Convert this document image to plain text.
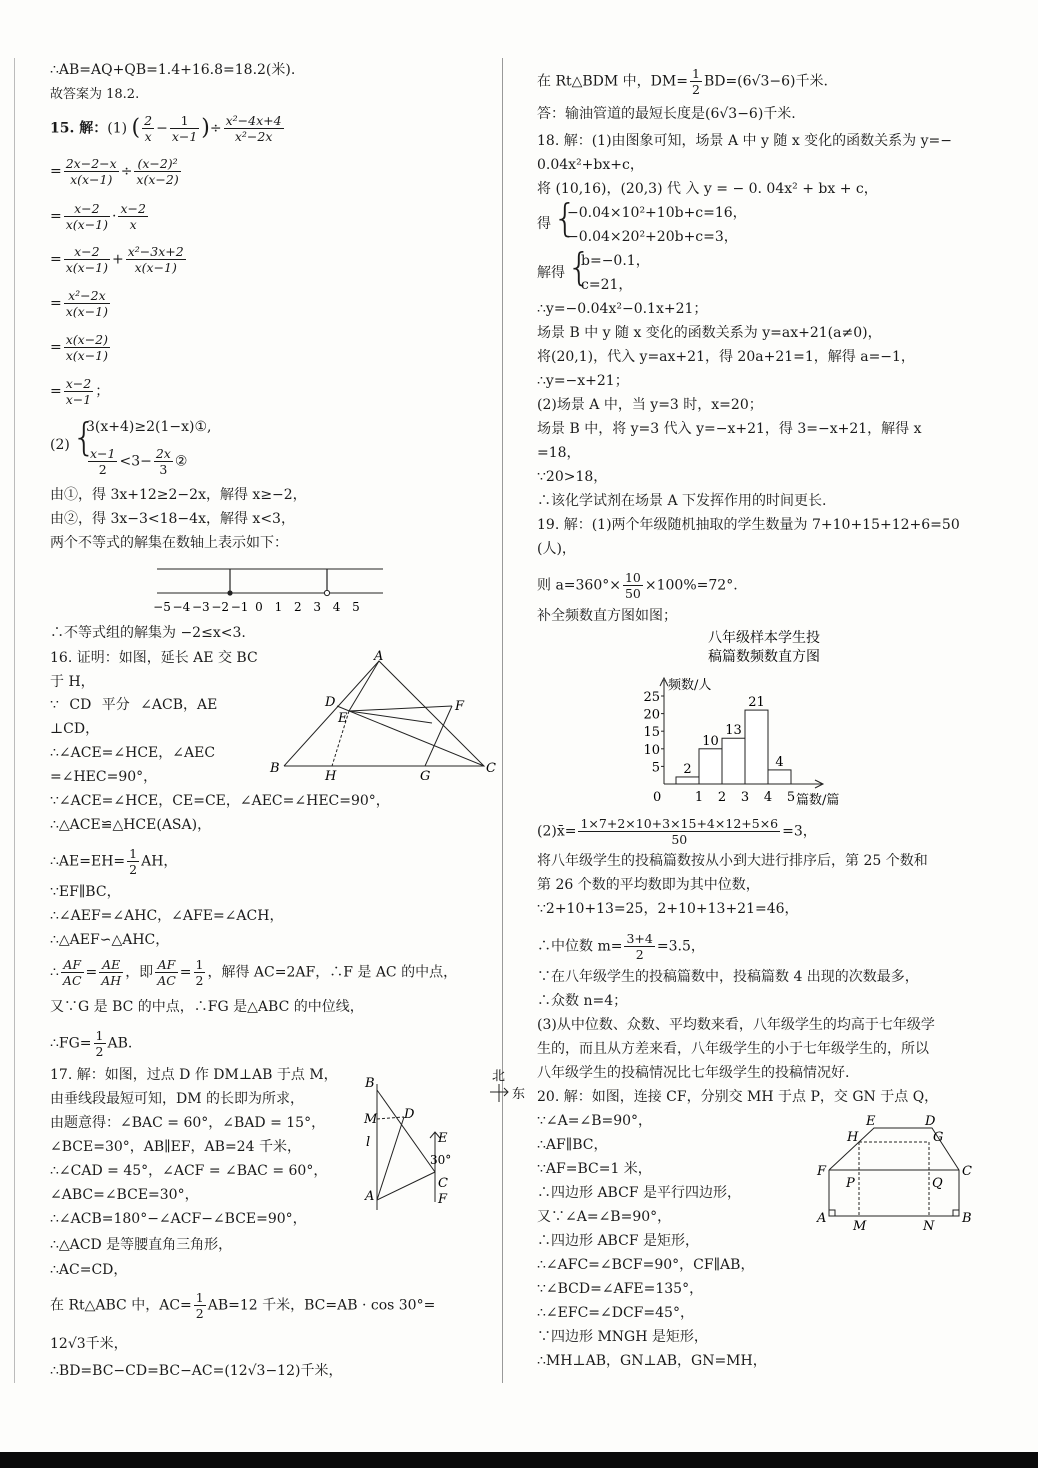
∴AB=AQ+QB=1.4+16.8=18.2(米).
故答案为 18.2.
15. 解：(1) ( $\frac{2}{x} - \frac{1}{x-1}$ )÷ $\frac{\text{x²−4x+4}}{\text{x²−2x}}$
= $\frac{2x-2-x}{x(x-1)} \div \frac{\text{(x−2)²}}{x(x-2)}$
= $\frac{x-2}{x(x-1)} \cdot \frac{x-2}{x}$
= $\frac{x-2}{x(x-1)} + \frac{\text{x²−3x+2}}{x(x-1)}$
= $\frac{\text{x²−2x}}{x(x-1)}$
= $\frac{x(x-2)}{x(x-1)}$
= $\frac{x-2}{x-1}$ ；
(2) {
3(x+4)≥2(1−x)①,
$\frac{x-1}{2} <3- \frac{2x}{3}$ ②
由①，得 3x+12≥2−2x，解得 x≥−2，
由②，得 3x−3<18−4x，解得 x<3，
两个不等式的解集在数轴上表示如下：
−5 −4 −3 −2 −1 0 1 2 3 4 5
∴不等式组的解集为 −2≤x<3.
16. 证明：如图，延长 AE 交 BC
于 H，
∵ CD 平分 ∠ACB，AE
⊥CD，
∴∠ACE=∠HCE，∠AEC
=∠HEC=90°，
∵∠ACE=∠HCE，CE=CE，∠AEC=∠HEC=90°，
∴△ACE≌△HCE(ASA)，
∴AE=EH= $\frac{1}{2}$ AH，
∵EF∥BC，
∴∠AEF=∠AHC，∠AFE=∠ACH，
∴△AEF∽△AHC，
∴ $\frac{AF}{AC} = \frac{AE}{AH}$ ，即 $\frac{AF}{AC} = \frac{1}{2}$ ，解得 AC=2AF，∴F 是 AC 的中点，
又∵G 是 BC 的中点，∴FG 是△ABC 的中位线，
∴FG= $\frac{1}{2}$ AB.
A
B	C
D
E
F
G
H
17. 解：如图，过点 D 作 DM⊥AB 于点 M，
由垂线段最短可知，DM 的长即为所求，
由题意得：∠BAC = 60°，∠BAD = 15°，
∠BCE=30°，AB∥EF，AB=24 千米，
∴∠CAD = 45°，∠ACF = ∠BAC = 60°，
∠ABC=∠BCE=30°，
∴∠ACB=180°−∠ACF−∠BCE=90°，
∴△ACD 是等腰直角三角形，
∴AC=CD，
在 Rt△ABC 中，$AC= \frac{1}{2} AB=12$ 千米，BC=AB · cos 30°=
12√3千米，
∴BD=BC−CD=BC−AC=(12√3−12)千米，
B
M D
l
A
C
E
F
30°
北
东
在 Rt△BDM 中，$DM= \frac{1}{2} BD=(6√3-6)$千米.
答：输油管道的最短长度是(6√3−6)千米.
18. 解：(1)由图象可知，场景 A 中 y 随 x 变化的函数关系为 y=−
0.04x²+bx+c，
将 (10,16)，(20,3) 代 入 y = − 0. 04x² + bx + c，
得 {
−0.04×10²+10b+c=16，
−0.04×20²+20b+c=3，
解得 {
b=−0.1，
c=21，
∴y=−0.04x²−0.1x+21；
场景 B 中 y 随 x 变化的函数关系为 y=ax+21(a≠0)，
将(20,1)，代入 y=ax+21，得 20a+21=1，解得 a=−1，
∴y=−x+21；
(2)场景 A 中，当 y=3 时，x=20；
场景 B 中，将 y=3 代入 y=−x+21，得 3=−x+21，解得 x
=18，
∵20>18，
∴该化学试剂在场景 A 下发挥作用的时间更长.
19. 解：(1)两个年级随机抽取的学生数量为 7+10+15+12+6=50
(人)，
则 $a=360^\circ\times \frac{10}{50} \times 100\%=72^\circ$.
补全频数直方图如图；
八年级样本学生投
稿篇数频数直方图
频数/人
篇数/篇
0
2
1
10
2
13
3
21
4
4
5
5
10
15
20
25
(2)x̄= $\frac{1\times 7+2\times 10+3\times 15+4\times 12+5\times 6}{50} =3$，
将八年级学生的投稿篇数按从小到大进行排序后，第 25 个数和
第 26 个数的平均数即为其中位数，
∵2+10+13=25，2+10+13+21=46，
∴中位数 $m= \frac{3+4}{2} =3.5$，
∵在八年级学生的投稿篇数中，投稿篇数 4 出现的次数最多，
∴众数 n=4；
(3)从中位数、众数、平均数来看，八年级学生的均高于七年级学
生的，而且从方差来看，八年级学生的小于七年级学生的，所以
八年级学生的投稿情况比七年级学生的投稿情况好.
20. 解：如图，连接 CF，分别交 MH 于点 P，交 GN 于点 Q，
∵∠A=∠B=90°，
∴AF∥BC，
∵AF=BC=1 米，
∴四边形 ABCF 是平行四边形，
又∵∠A=∠B=90°，
∴四边形 ABCF 是矩形，
∴∠AFC=∠BCF=90°，CF∥AB，
∵∠BCD=∠AFE=135°，
∴∠EFC=∠DCF=45°，
∵四边形 MNGH 是矩形，
∴MH⊥AB，GN⊥AB，GN=MH，
E	D
H	G
F	C
P	Q
A
M	N
B
